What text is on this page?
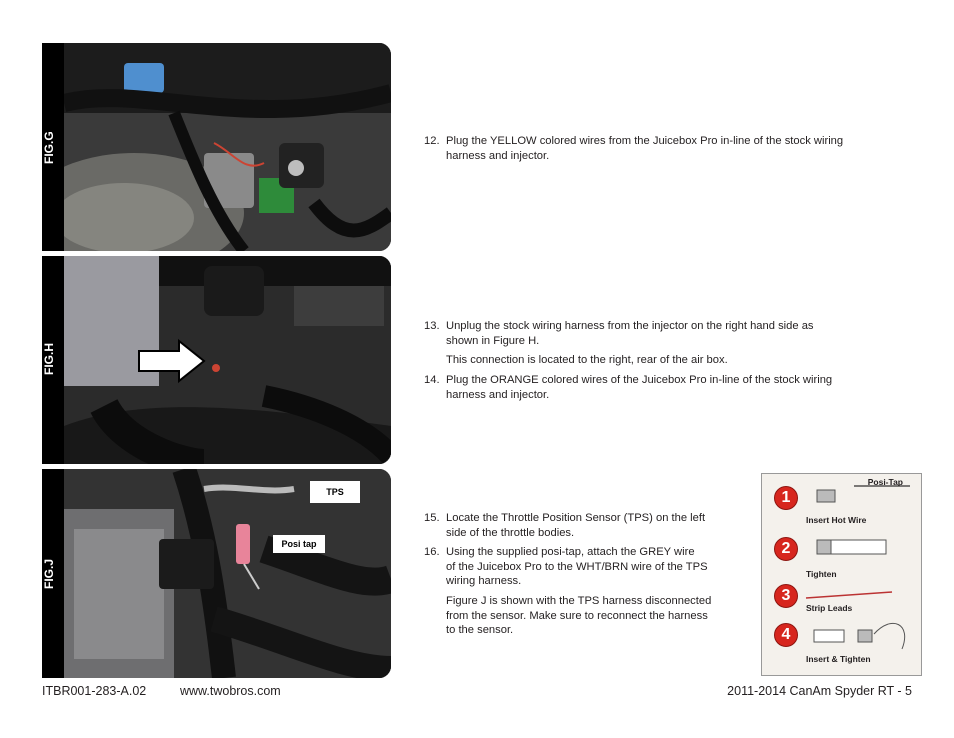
FIG.G
FIG.H
FIG.J
TPS
Posi tap
12. Plug the YELLOW colored wires from the Juicebox Pro in-line of the stock wiring
harness and injector.
13. Unplug the stock wiring harness from the injector on the right hand side as
shown in Figure H.
This connection is located to the right, rear of the air box.
14. Plug the ORANGE colored wires of the Juicebox Pro in-line of the stock wiring
harness and injector.
15. Locate the Throttle Position Sensor (TPS) on the left
side of the throttle bodies.
16. Using the supplied posi-tap, attach the GREY wire
of the Juicebox Pro to the WHT/BRN wire of the TPS
wiring harness.
Figure J is shown with the TPS harness disconnected
from the sensor. Make sure to reconnect the harness
to the sensor.
Posi-Tap
1
Insert Hot Wire
2
Tighten
3
Strip Leads
4
Insert & Tighten
ITBR001-283-A.02	www.twobros.com	2011-2014 CanAm Spyder RT - 5
